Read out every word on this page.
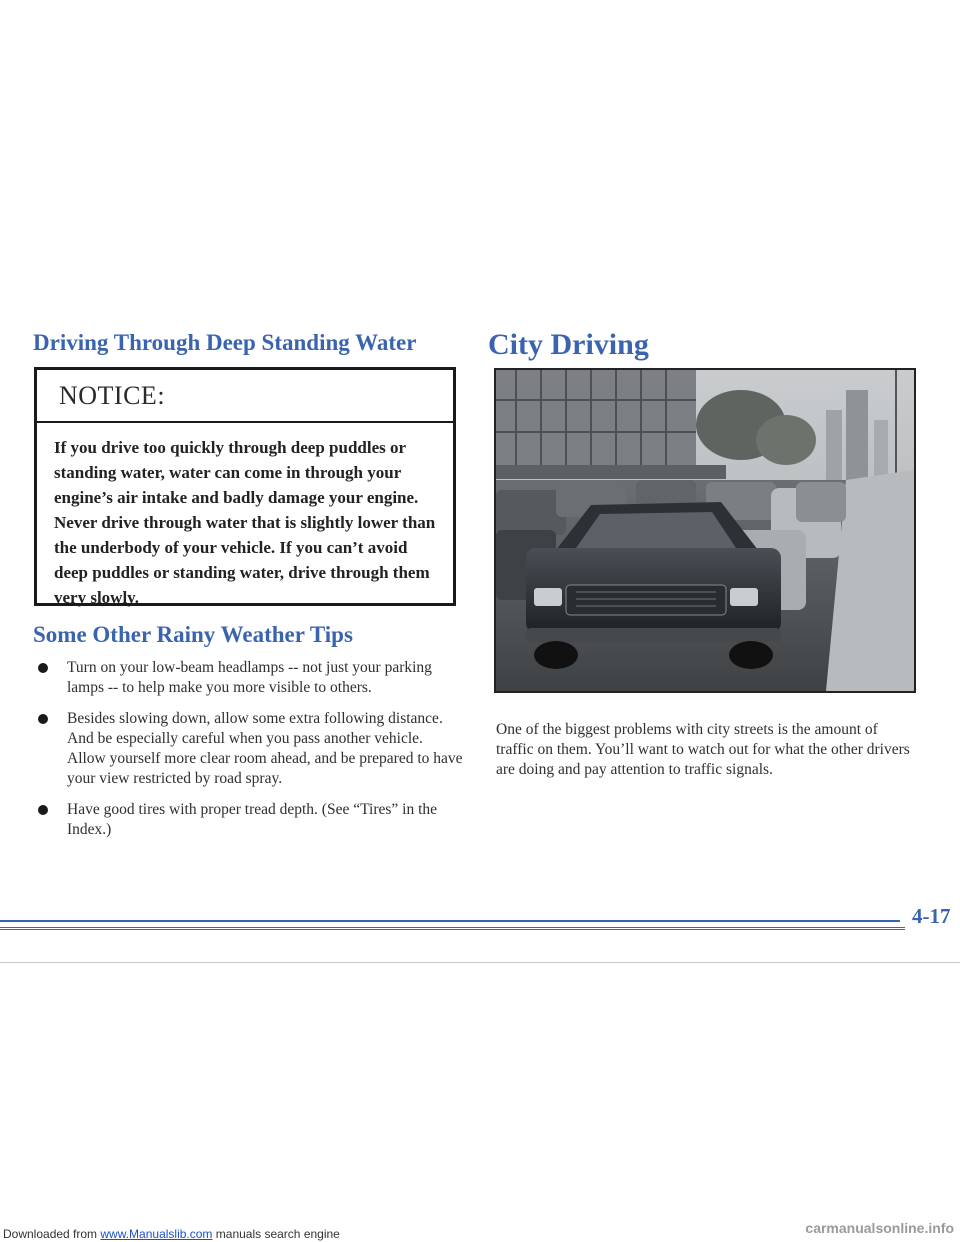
Driving Through Deep Standing Water City Driving
NOTICE:
If you drive too quickly through deep puddles or standing water, water can come in through your engine’s air intake and badly damage your engine. Never drive through water that is slightly lower than the underbody of your vehicle. If you can’t avoid deep puddles or standing water, drive through them very slowly.
Some Other Rainy Weather Tips
Turn on your low-beam headlamps -- not just your parking lamps -- to help make you more visible to others.
Besides slowing down, allow some extra following distance. And be especially careful when you pass another vehicle. Allow yourself more clear room ahead, and be prepared to have your view restricted by road spray.
Have good tires with proper tread depth. (See “Tires” in the Index.)

One of the biggest problems with city streets is the amount of traffic on them. You’ll want to watch out for what the other drivers are doing and pay attention to traffic signals.

4-17
Downloaded from www.Manualslib.com manuals search engine	carmanualsonline.info
